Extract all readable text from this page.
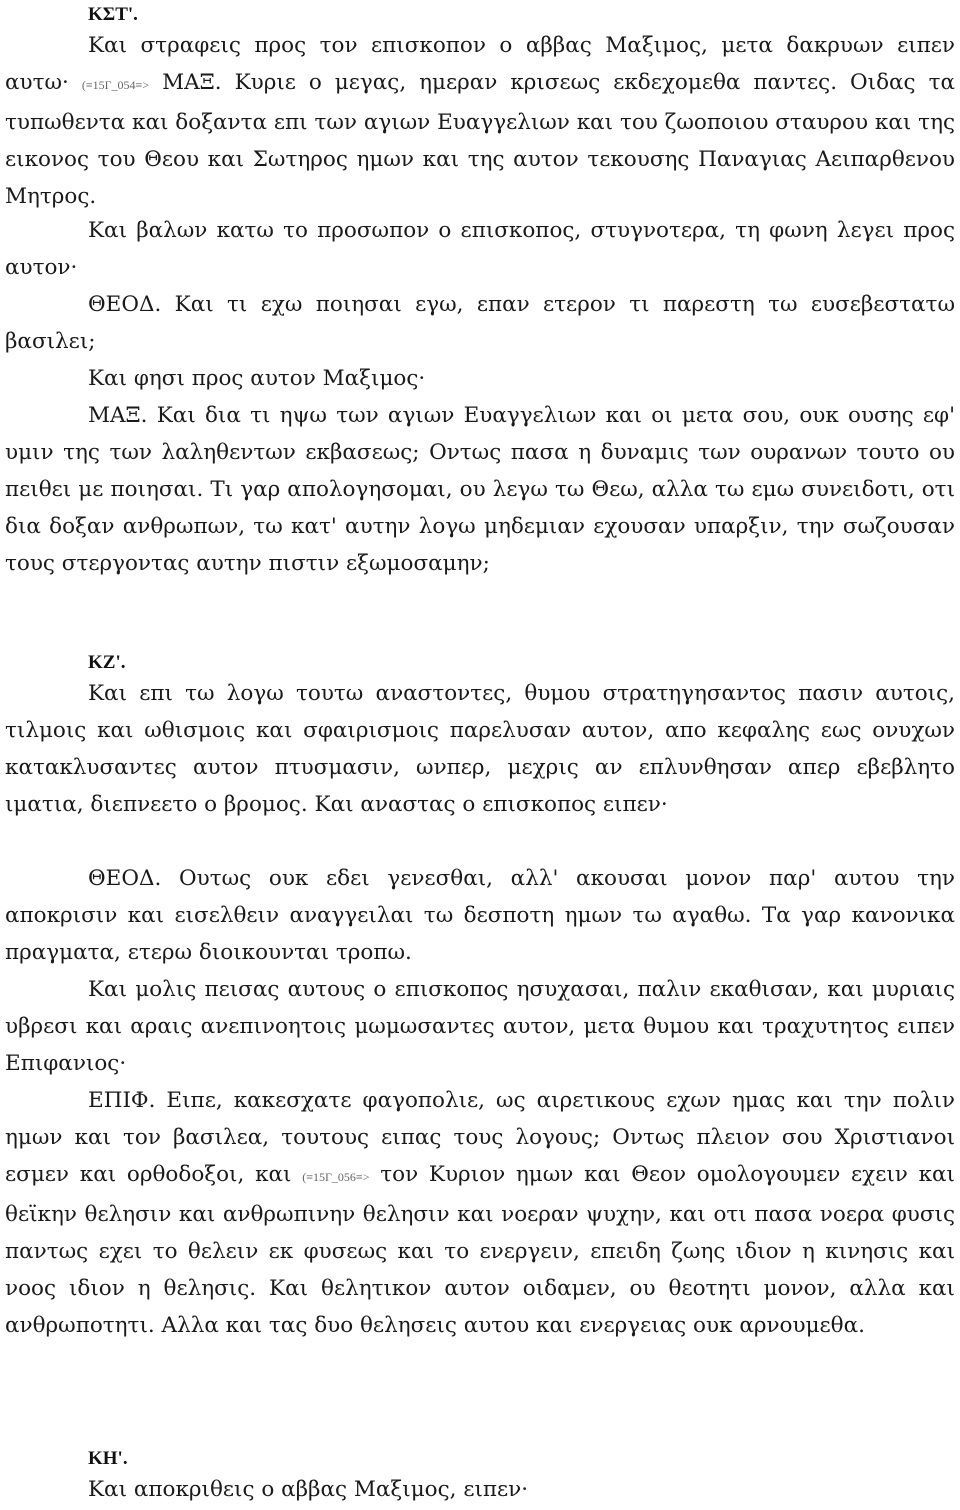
ΚΣΤ'.

Και στραφεις προς τον επισκοπον ο αββας Μαξιμος, μετα δακρυων ειπεν αυτω· (≡15Γ_054≡> ΜΑΞ. Κυριε ο μεγας, ημεραν κρισεως εκδεχομεθα παντες. Οιδας τα τυπωθεντα και δοξαντα επι των αγιων Ευαγγελιων και του ζωοποιου σταυρου και της εικονος του Θεου και Σωτηρος ημων και της αυτον τεκουσης Παναγιας Αειπαρθενου Μητρος.

Και βαλων κατω το προσωπον ο επισκοπος, στυγνοτερα, τη φωνη λεγει προς αυτον·

ΘΕΟΔ. Και τι εχω ποιησαι εγω, επαν ετερον τι παρεστη τω ευσεβεστατω βασιλει;

Και φησι προς αυτον Μαξιμος·

ΜΑΞ. Και δια τι ηψω των αγιων Ευαγγελιων και οι μετα σου, ουκ ουσης εφ' υμιν της των λαληθεντων εκβασεως; Οντως πασα η δυναμις των ουρανων τουτο ου πειθει με ποιησαι. Τι γαρ απολογησομαι, ου λεγω τω Θεω, αλλα τω εμω συνειδοτι, οτι δια δοξαν ανθρωπων, τω κατ' αυτην λογω μηδεμιαν εχουσαν υπαρξιν, την σωζουσαν τους στεργοντας αυτην πιστιν εξωμοσαμην;

ΚΖ'.

Και επι τω λογω τουτω αναστοντες, θυμου στρατηγησαντος πασιν αυτοις, τιλμοις και ωθισμοις και σφαιρισμοις παρελυσαν αυτον, απο κεφαλης εως ονυχων κατακλυσαντες αυτον πτυσμασιν, ωνπερ, μεχρις αν επλυνθησαν απερ εβεβλητο ιματια, διεπνεετο ο βρομος. Και αναστας ο επισκοπος ειπεν·

ΘΕΟΔ. Ουτως ουκ εδει γενεσθαι, αλλ' ακουσαι μονον παρ' αυτου την αποκρισιν και εισελθειν αναγγειλαι τω δεσποτη ημων τω αγαθω. Τα γαρ κανονικα πραγματα, ετερω διοικουνται τροπω.

Και μολις πεισας αυτους ο επισκοπος ησυχασαι, παλιν εκαθισαν, και μυριαις υβρεσι και αραις ανεπινοητοις μωμωσαντες αυτον, μετα θυμου και τραχυτητος ειπεν Επιφανιος·

ΕΠΙΦ. Ειπε, κακεσχατε φαγοπολιε, ως αιρετικους εχων ημας και την πολιν ημων και τον βασιλεα, τουτους ειπας τους λογους; Οντως πλειον σου Χριστιανοι εσμεν και ορθοδοξοι, και (≡15Γ_056≡> τον Κυριον ημων και Θεον ομολογουμεν εχειν και θεϊκην θελησιν και ανθρωπινην θελησιν και νοεραν ψυχην, και οτι πασα νοερα φυσις παντως εχει το θελειν εκ φυσεως και το ενεργειν, επειδη ζωης ιδιον η κινησις και νοος ιδιον η θελησις. Και θελητικον αυτον οιδαμεν, ου θεοτητι μονον, αλλα και ανθρωποτητι. Αλλα και τας δυο θελησεις αυτου και ενεργειας ουκ αρνουμεθα.

ΚΗ'.

Και αποκριθεις ο αββας Μαξιμος, ειπεν·
